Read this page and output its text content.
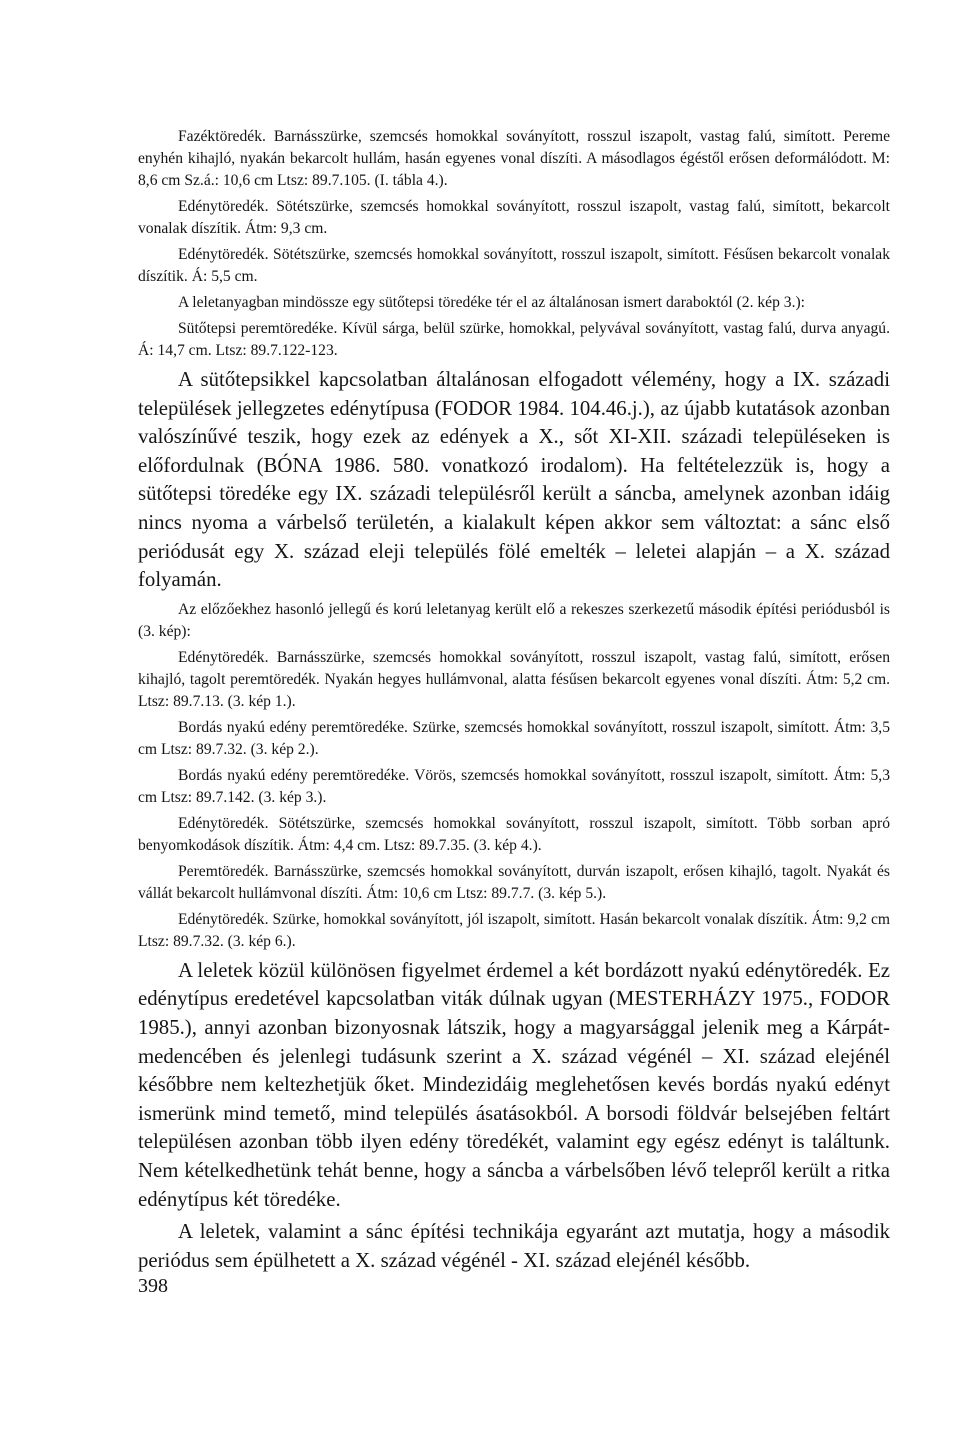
Fazéktöredék. Barnásszürke, szemcsés homokkal soványított, rosszul iszapolt, vastag falú, simított. Pereme enyhén kihajló, nyakán bekarcolt hullám, hasán egyenes vonal díszíti. A másodlagos égéstől erősen deformálódott. M: 8,6 cm Sz.á.: 10,6 cm Ltsz: 89.7.105. (I. tábla 4.).

Edénytöredék. Sötétszürke, szemcsés homokkal soványított, rosszul iszapolt, vastag falú, simított, bekarcolt vonalak díszítik. Átm: 9,3 cm.

Edénytöredék. Sötétszürke, szemcsés homokkal soványított, rosszul iszapolt, simított. Fésűsen bekarcolt vonalak díszítik. Á: 5,5 cm.

A leletanyagban mindössze egy sütőtepsi töredéke tér el az általánosan ismert daraboktól (2. kép 3.):

Sütőtepsi peremtöredéke. Kívül sárga, belül szürke, homokkal, pelyvával soványított, vastag falú, durva anyagú. Á: 14,7 cm. Ltsz: 89.7.122-123.

A sütőtepsikkel kapcsolatban általánosan elfogadott vélemény, hogy a IX. századi települések jellegzetes edénytípusa (FODOR 1984. 104.46.j.), az újabb kutatások azonban valószínűvé teszik, hogy ezek az edények a X., sőt XI-XII. századi településeken is előfordulnak (BÓNA 1986. 580. vonatkozó irodalom). Ha feltételezzük is, hogy a sütőtepsi töredéke egy IX. századi településről került a sáncba, amelynek azonban idáig nincs nyoma a várbelső területén, a kialakult képen akkor sem változtat: a sánc első periódusát egy X. század eleji település fölé emelték – leletei alapján – a X. század folyamán.

Az előzőekhez hasonló jellegű és korú leletanyag került elő a rekeszes szerkezetű második építési periódusból is (3. kép):

Edénytöredék. Barnásszürke, szemcsés homokkal soványított, rosszul iszapolt, vastag falú, simított, erősen kihajló, tagolt peremtöredék. Nyakán hegyes hullámvonal, alatta fésűsen bekarcolt egyenes vonal díszíti. Átm: 5,2 cm. Ltsz: 89.7.13. (3. kép 1.).

Bordás nyakú edény peremtöredéke. Szürke, szemcsés homokkal soványított, rosszul iszapolt, simított. Átm: 3,5 cm Ltsz: 89.7.32. (3. kép 2.).

Bordás nyakú edény peremtöredéke. Vörös, szemcsés homokkal soványított, rosszul iszapolt, simított. Átm: 5,3 cm Ltsz: 89.7.142. (3. kép 3.).

Edénytöredék. Sötétszürke, szemcsés homokkal soványított, rosszul iszapolt, simított. Több sorban apró benyomkodások díszítik. Átm: 4,4 cm. Ltsz: 89.7.35. (3. kép 4.).

Peremtöredék. Barnásszürke, szemcsés homokkal soványított, durván iszapolt, erősen kihajló, tagolt. Nyakát és vállát bekarcolt hullámvonal díszíti. Átm: 10,6 cm Ltsz: 89.7.7. (3. kép 5.).

Edénytöredék. Szürke, homokkal soványított, jól iszapolt, simított. Hasán bekarcolt vonalak díszítik. Átm: 9,2 cm Ltsz: 89.7.32. (3. kép 6.).

A leletek közül különösen figyelmet érdemel a két bordázott nyakú edénytöredék. Ez edénytípus eredetével kapcsolatban viták dúlnak ugyan (MESTERHÁZY 1975., FODOR 1985.), annyi azonban bizonyosnak látszik, hogy a magyarsággal jelenik meg a Kárpát-medencében és jelenlegi tudásunk szerint a X. század végénél – XI. század elejénél későbbre nem keltezhetjük őket. Mindezidáig meglehetősen kevés bordás nyakú edényt ismerünk mind temető, mind település ásatásokból. A borsodi földvár belsejében feltárt településen azonban több ilyen edény töredékét, valamint egy egész edényt is találtunk. Nem kételkedhetünk tehát benne, hogy a sáncba a várbelsőben lévő telepről került a ritka edénytípus két töredéke.

A leletek, valamint a sánc építési technikája egyaránt azt mutatja, hogy a második periódus sem épülhetett a X. század végénél - XI. század elejénél később.

398
